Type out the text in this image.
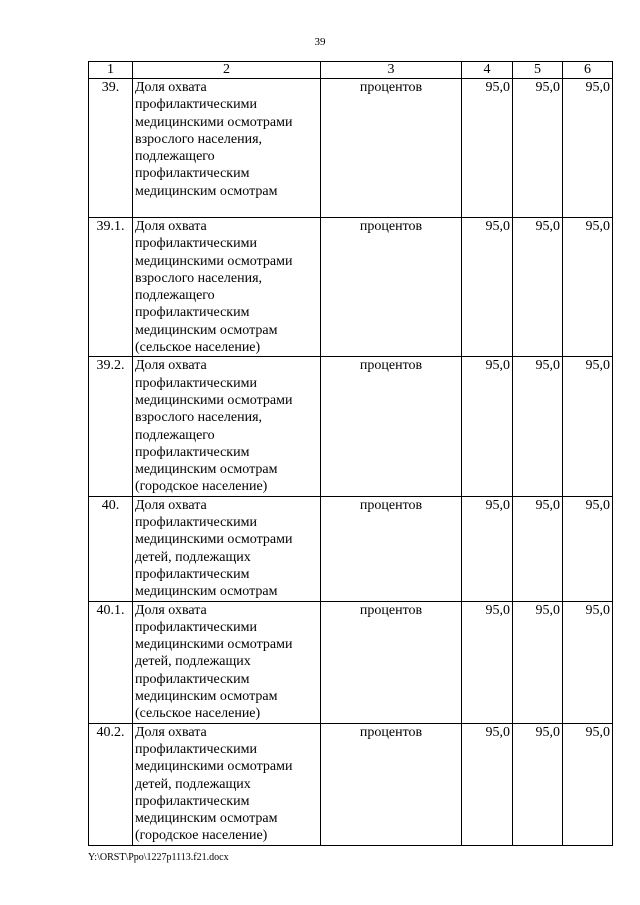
39
1	2	3	4	5	6
39.	Доля охвата профилактическими медицинскими осмотрами взрослого населения, подлежащего профилактическим медицинским осмотрам	процентов	95,0	95,0	95,0
39.1.	Доля охвата профилактическими медицинскими осмотрами взрослого населения, подлежащего профилактическим медицинским осмотрам (сельское население)	процентов	95,0	95,0	95,0
39.2.	Доля охвата профилактическими медицинскими осмотрами взрослого населения, подлежащего профилактическим медицинским осмотрам (городское население)	процентов	95,0	95,0	95,0
40.	Доля охвата профилактическими медицинскими осмотрами детей, подлежащих профилактическим медицинским осмотрам	процентов	95,0	95,0	95,0
40.1.	Доля охвата профилактическими медицинскими осмотрами детей, подлежащих профилактическим медицинским осмотрам (сельское население)	процентов	95,0	95,0	95,0
40.2.	Доля охвата профилактическими медицинскими осмотрами детей, подлежащих профилактическим медицинским осмотрам (городское население)	процентов	95,0	95,0	95,0
Y:\ORST\Ppo\1227p1113.f21.docx
